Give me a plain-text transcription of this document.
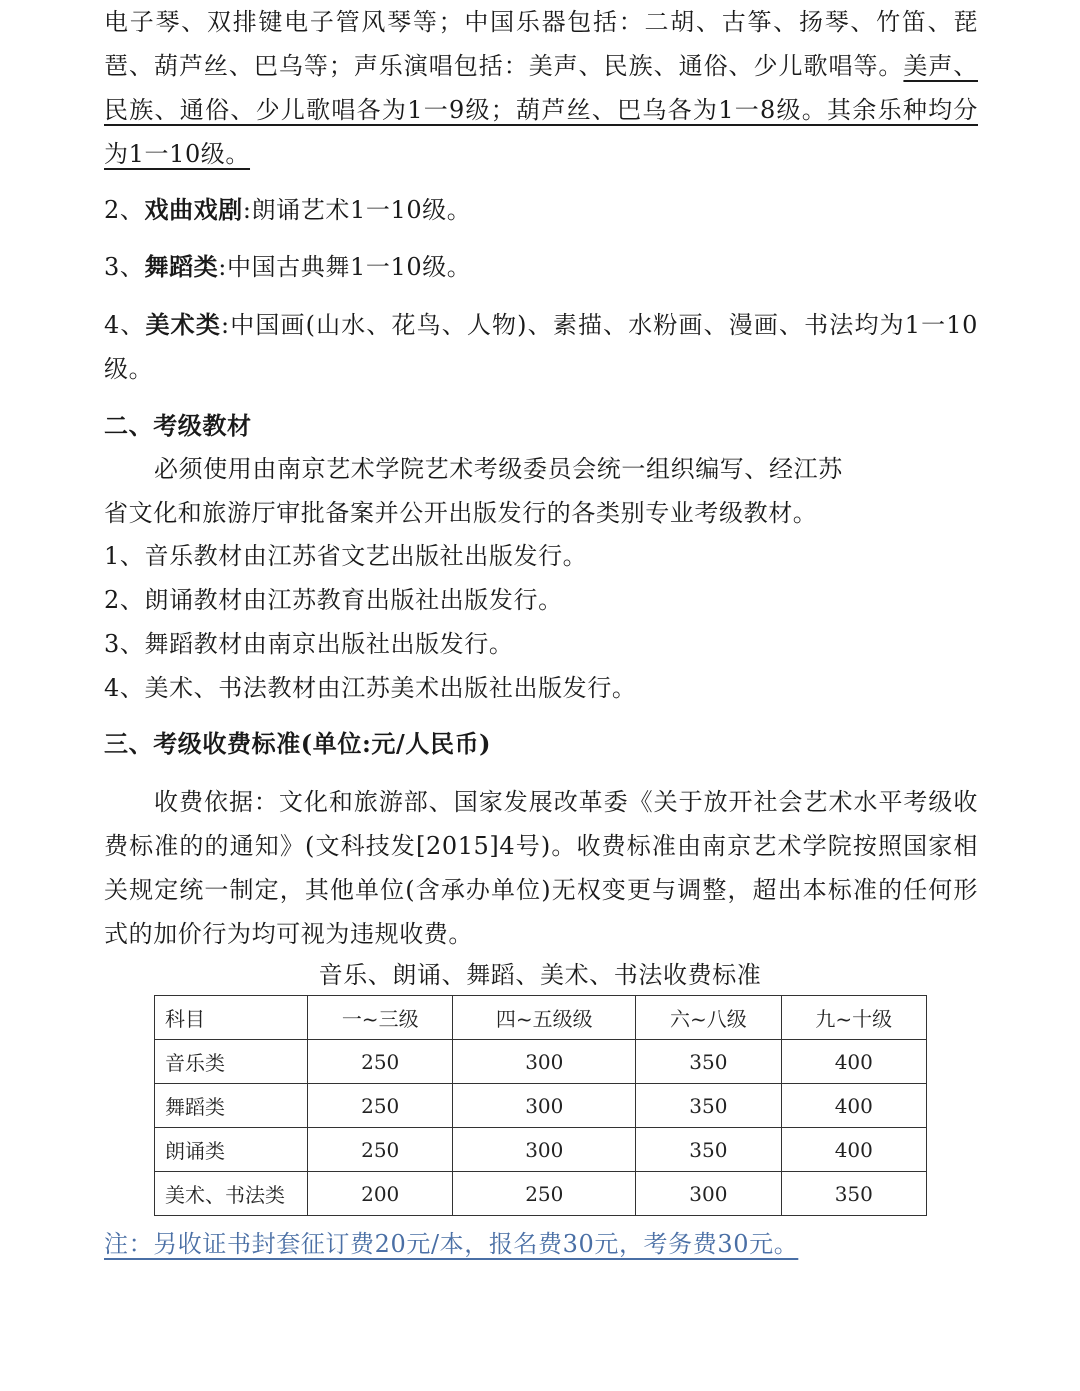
电子琴、双排键电子管风琴等；中国乐器包括：二胡、古筝、扬琴、竹笛、琵琶、葫芦丝、巴乌等；声乐演唱包括：美声、民族、通俗、少儿歌唱等。美声、民族、通俗、少儿歌唱各为1一9级；葫芦丝、巴乌各为1一8级。其余乐种均分为1一10级。
2、戏曲戏剧:朗诵艺术1一10级。
3、舞蹈类:中国古典舞1一10级。
4、美术类:中国画(山水、花鸟、人物)、素描、水粉画、漫画、书法均为1一10级。
二、考级教材
必须使用由南京艺术学院艺术考级委员会统一组织编写、经江苏
省文化和旅游厅审批备案并公开出版发行的各类别专业考级教材。
1、音乐教材由江苏省文艺出版社出版发行。
2、朗诵教材由江苏教育出版社出版发行。
3、舞蹈教材由南京出版社出版发行。
4、美术、书法教材由江苏美术出版社出版发行。
三、考级收费标准(单位:元/人民币)
收费依据：文化和旅游部、国家发展改革委《关于放开社会艺术水平考级收费标准的的通知》(文科技发[2015]4号)。收费标准由南京艺术学院按照国家相关规定统一制定，其他单位(含承办单位)无权变更与调整，超出本标准的任何形式的加价行为均可视为违规收费。
音乐、朗诵、舞蹈、美术、书法收费标准
科目	一~三级	四~五级级	六~八级	九~十级
音乐类	250	300	350	400
舞蹈类	250	300	350	400
朗诵类	250	300	350	400
美术、书法类	200	250	300	350
注：另收证书封套征订费20元/本，报名费30元，考务费30元。
